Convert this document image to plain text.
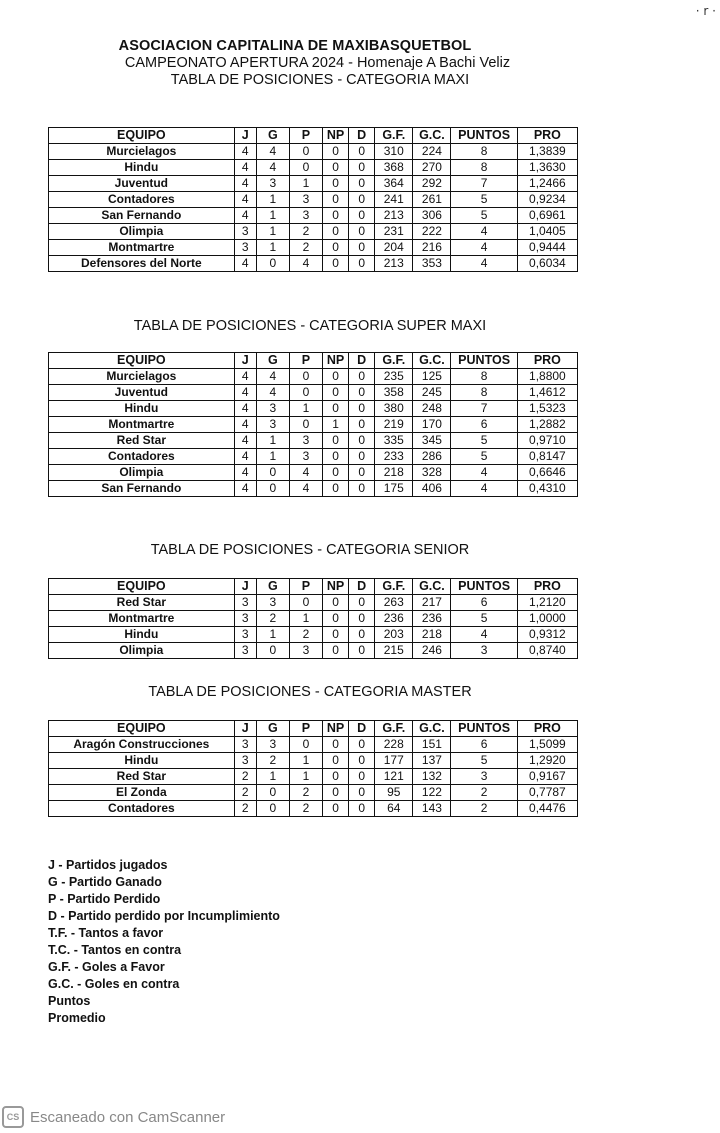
· r ·
ASOCIACION CAPITALINA DE MAXIBASQUETBOL
CAMPEONATO APERTURA 2024 - Homenaje A Bachi Veliz
TABLA DE POSICIONES - CATEGORIA MAXI
EQUIPO	J	G	P	NP	D	G.F.	G.C.	PUNTOS	PRO
Murcielagos	4	4	0	0	0	310	224	8	1,3839
Hindu	4	4	0	0	0	368	270	8	1,3630
Juventud	4	3	1	0	0	364	292	7	1,2466
Contadores	4	1	3	0	0	241	261	5	0,9234
San Fernando	4	1	3	0	0	213	306	5	0,6961
Olimpia	3	1	2	0	0	231	222	4	1,0405
Montmartre	3	1	2	0	0	204	216	4	0,9444
Defensores del Norte	4	0	4	0	0	213	353	4	0,6034
TABLA DE POSICIONES - CATEGORIA SUPER MAXI
EQUIPO	J	G	P	NP	D	G.F.	G.C.	PUNTOS	PRO
Murcielagos	4	4	0	0	0	235	125	8	1,8800
Juventud	4	4	0	0	0	358	245	8	1,4612
Hindu	4	3	1	0	0	380	248	7	1,5323
Montmartre	4	3	0	1	0	219	170	6	1,2882
Red Star	4	1	3	0	0	335	345	5	0,9710
Contadores	4	1	3	0	0	233	286	5	0,8147
Olimpia	4	0	4	0	0	218	328	4	0,6646
San Fernando	4	0	4	0	0	175	406	4	0,4310
TABLA DE POSICIONES - CATEGORIA SENIOR
EQUIPO	J	G	P	NP	D	G.F.	G.C.	PUNTOS	PRO
Red Star	3	3	0	0	0	263	217	6	1,2120
Montmartre	3	2	1	0	0	236	236	5	1,0000
Hindu	3	1	2	0	0	203	218	4	0,9312
Olimpia	3	0	3	0	0	215	246	3	0,8740
TABLA DE POSICIONES - CATEGORIA MASTER
EQUIPO	J	G	P	NP	D	G.F.	G.C.	PUNTOS	PRO
Aragón Construcciones	3	3	0	0	0	228	151	6	1,5099
Hindu	3	2	1	0	0	177	137	5	1,2920
Red Star	2	1	1	0	0	121	132	3	0,9167
El Zonda	2	0	2	0	0	95	122	2	0,7787
Contadores	2	0	2	0	0	64	143	2	0,4476
J - Partidos jugados
G - Partido Ganado
P - Partido Perdido
D - Partido perdido por Incumplimiento
T.F. - Tantos a favor
T.C. - Tantos en contra
G.F. - Goles a Favor
G.C. - Goles en contra
Puntos
Promedio
CS Escaneado con CamScanner
